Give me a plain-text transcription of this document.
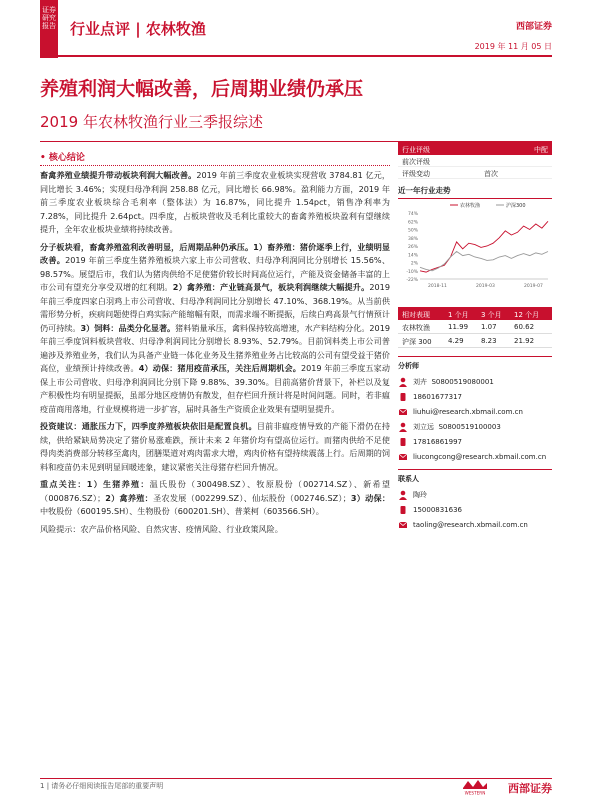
证券研究报告 行业点评 | 农林牧渔	西部证券
2019 年 11 月 05 日
养殖利润大幅改善，后周期业绩仍承压
2019 年农林牧渔行业三季报综述
• 核心结论

畜禽养殖业绩提升带动板块利润大幅改善。2019 年前三季度农业板块实现营收 3784.81 亿元，同比增长 3.46%；实现归母净利润 258.88 亿元，同比增长 66.98%。盈利能力方面，2019 年前三季度农业板块综合毛利率（整体法）为 16.87%，同比提升 1.54pct，销售净利率为 7.28%，同比提升 2.64pct。四季度，占板块营收及毛利比重较大的畜禽养殖板块盈利有望继续提升，全年农业板块业绩将持续改善。

分子板块看，畜禽养殖盈利改善明显，后周期品种仍承压。1）畜养殖：猪价逐季上行，业绩明显改善。2019 年前三季度生猪养殖板块六家上市公司营收、归母净利润同比分别增长 15.56%、98.57%。展望后市，我们认为猪肉供给不足使猪价较长时间高位运行，产能及资金储备丰富的上市公司有望充分享受双增的红利期。2）禽养殖：产业链高景气，板块利润继续大幅提升。2019 年前三季度四家白羽鸡上市公司营收、归母净利润同比分别增长 47.10%、368.19%。从当前供需形势分析，疾病问题使得白鸡实际产能缩幅有限，而需求端不断提振，后续白鸡高景气行情预计仍可持续。3）饲料：品类分化显著。猪料销量承压，禽料保持较高增速，水产料结构分化。2019 年前三季度饲料板块营收、归母净利润同比分别增长 8.93%、52.79%。目前饲料类上市公司普遍涉及养殖业务，我们认为具备产业链一体化业务及生猪养殖业务占比较高的公司有望受益于猪价高位，业绩预计持续改善。4）动保：猪用疫苗承压，关注后周期机会。2019 年前三季度五家动保上市公司营收、归母净利润同比分别下降 9.88%、39.30%。目前高猪价背景下，补栏以及复产积极性均有明显提振，虽部分地区疫情仍有散发，但存栏回升预计将是时间问题。同时，若非瘟疫苗商用落地，行业规模将进一步扩容，届时具备生产资质企业效果有望明显提升。

投资建议：通胀压力下，四季度养殖板块依旧是配置良机。目前非瘟疫情导致的产能下滑仍在持续，供给紧缺局势决定了猪价易涨难跌，预计未来 2 年猪价均有望高位运行。而猪肉供给不足使得肉类消费部分转移至禽肉，团膳渠道对鸡肉需求大增，鸡肉价格有望持续震荡上行。后周期的饲料和疫苗仍未见到明显回暖迹象，建议紧密关注母猪存栏回升情况。

重点关注：1）生猪养殖：温氏股份（300498.SZ）、牧原股份（002714.SZ）、新希望（000876.SZ）；2）禽养殖：圣农发展（002299.SZ）、仙坛股份（002746.SZ）；3）动保：中牧股份（600195.SH）、生物股份（600201.SH）、普莱柯（603566.SH）。

风险提示：农产品价格风险、自然灾害、疫情风险、行业政策风险。

行业评级	中配
前次评级
评级变动	首次
近一年行业走势
74%
62%
50%
38%
26%
14%
2%
-10%
-22%
2018-11	2019-03	2019-07
农林牧渔	沪深300
相对表现	1 个月	3 个月	12 个月
农林牧渔	11.99	1.07	60.62
沪深 300	4.29	8.23	21.92
分析师
刘卉
S0800519080001
18601677317
liuhui@research.xbmail.com.cn
刘立远
S0800519100003
17816861997
liucongcong@research.xbmail.com.cn
联系人
陶玲
15000831636
taoling@research.xbmail.com.cn
1 | 请务必仔细阅读报告尾部的重要声明
WESTERN 西部证券
